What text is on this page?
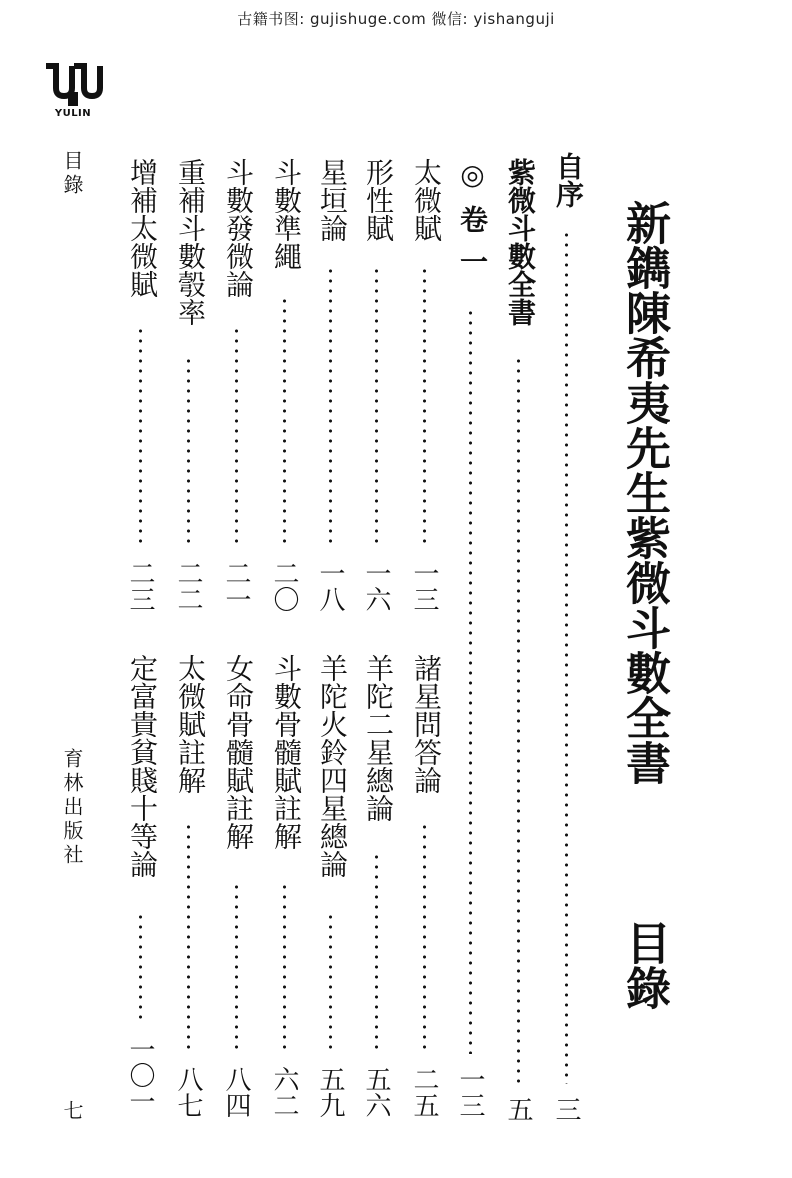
古籍书图: gujishuge.com 微信: yishanguji
YULIN
新鐫陳希夷先生紫微斗數全書
目錄
目錄
育林出版社
七
自序
三
紫微斗數全書
五
◎卷一
一三
太微賦
一三
形性賦
一六
星垣論
一八
斗數準繩
二〇
斗數發微論
二一
重補斗數彀率
二二
增補太微賦
二三
諸星問答論
二五
羊陀二星總論
五六
羊陀火鈴四星總論
五九
斗數骨髓賦註解
六二
女命骨髓賦註解
八四
太微賦註解
八七
定富貴貧賤十等論
一〇一
